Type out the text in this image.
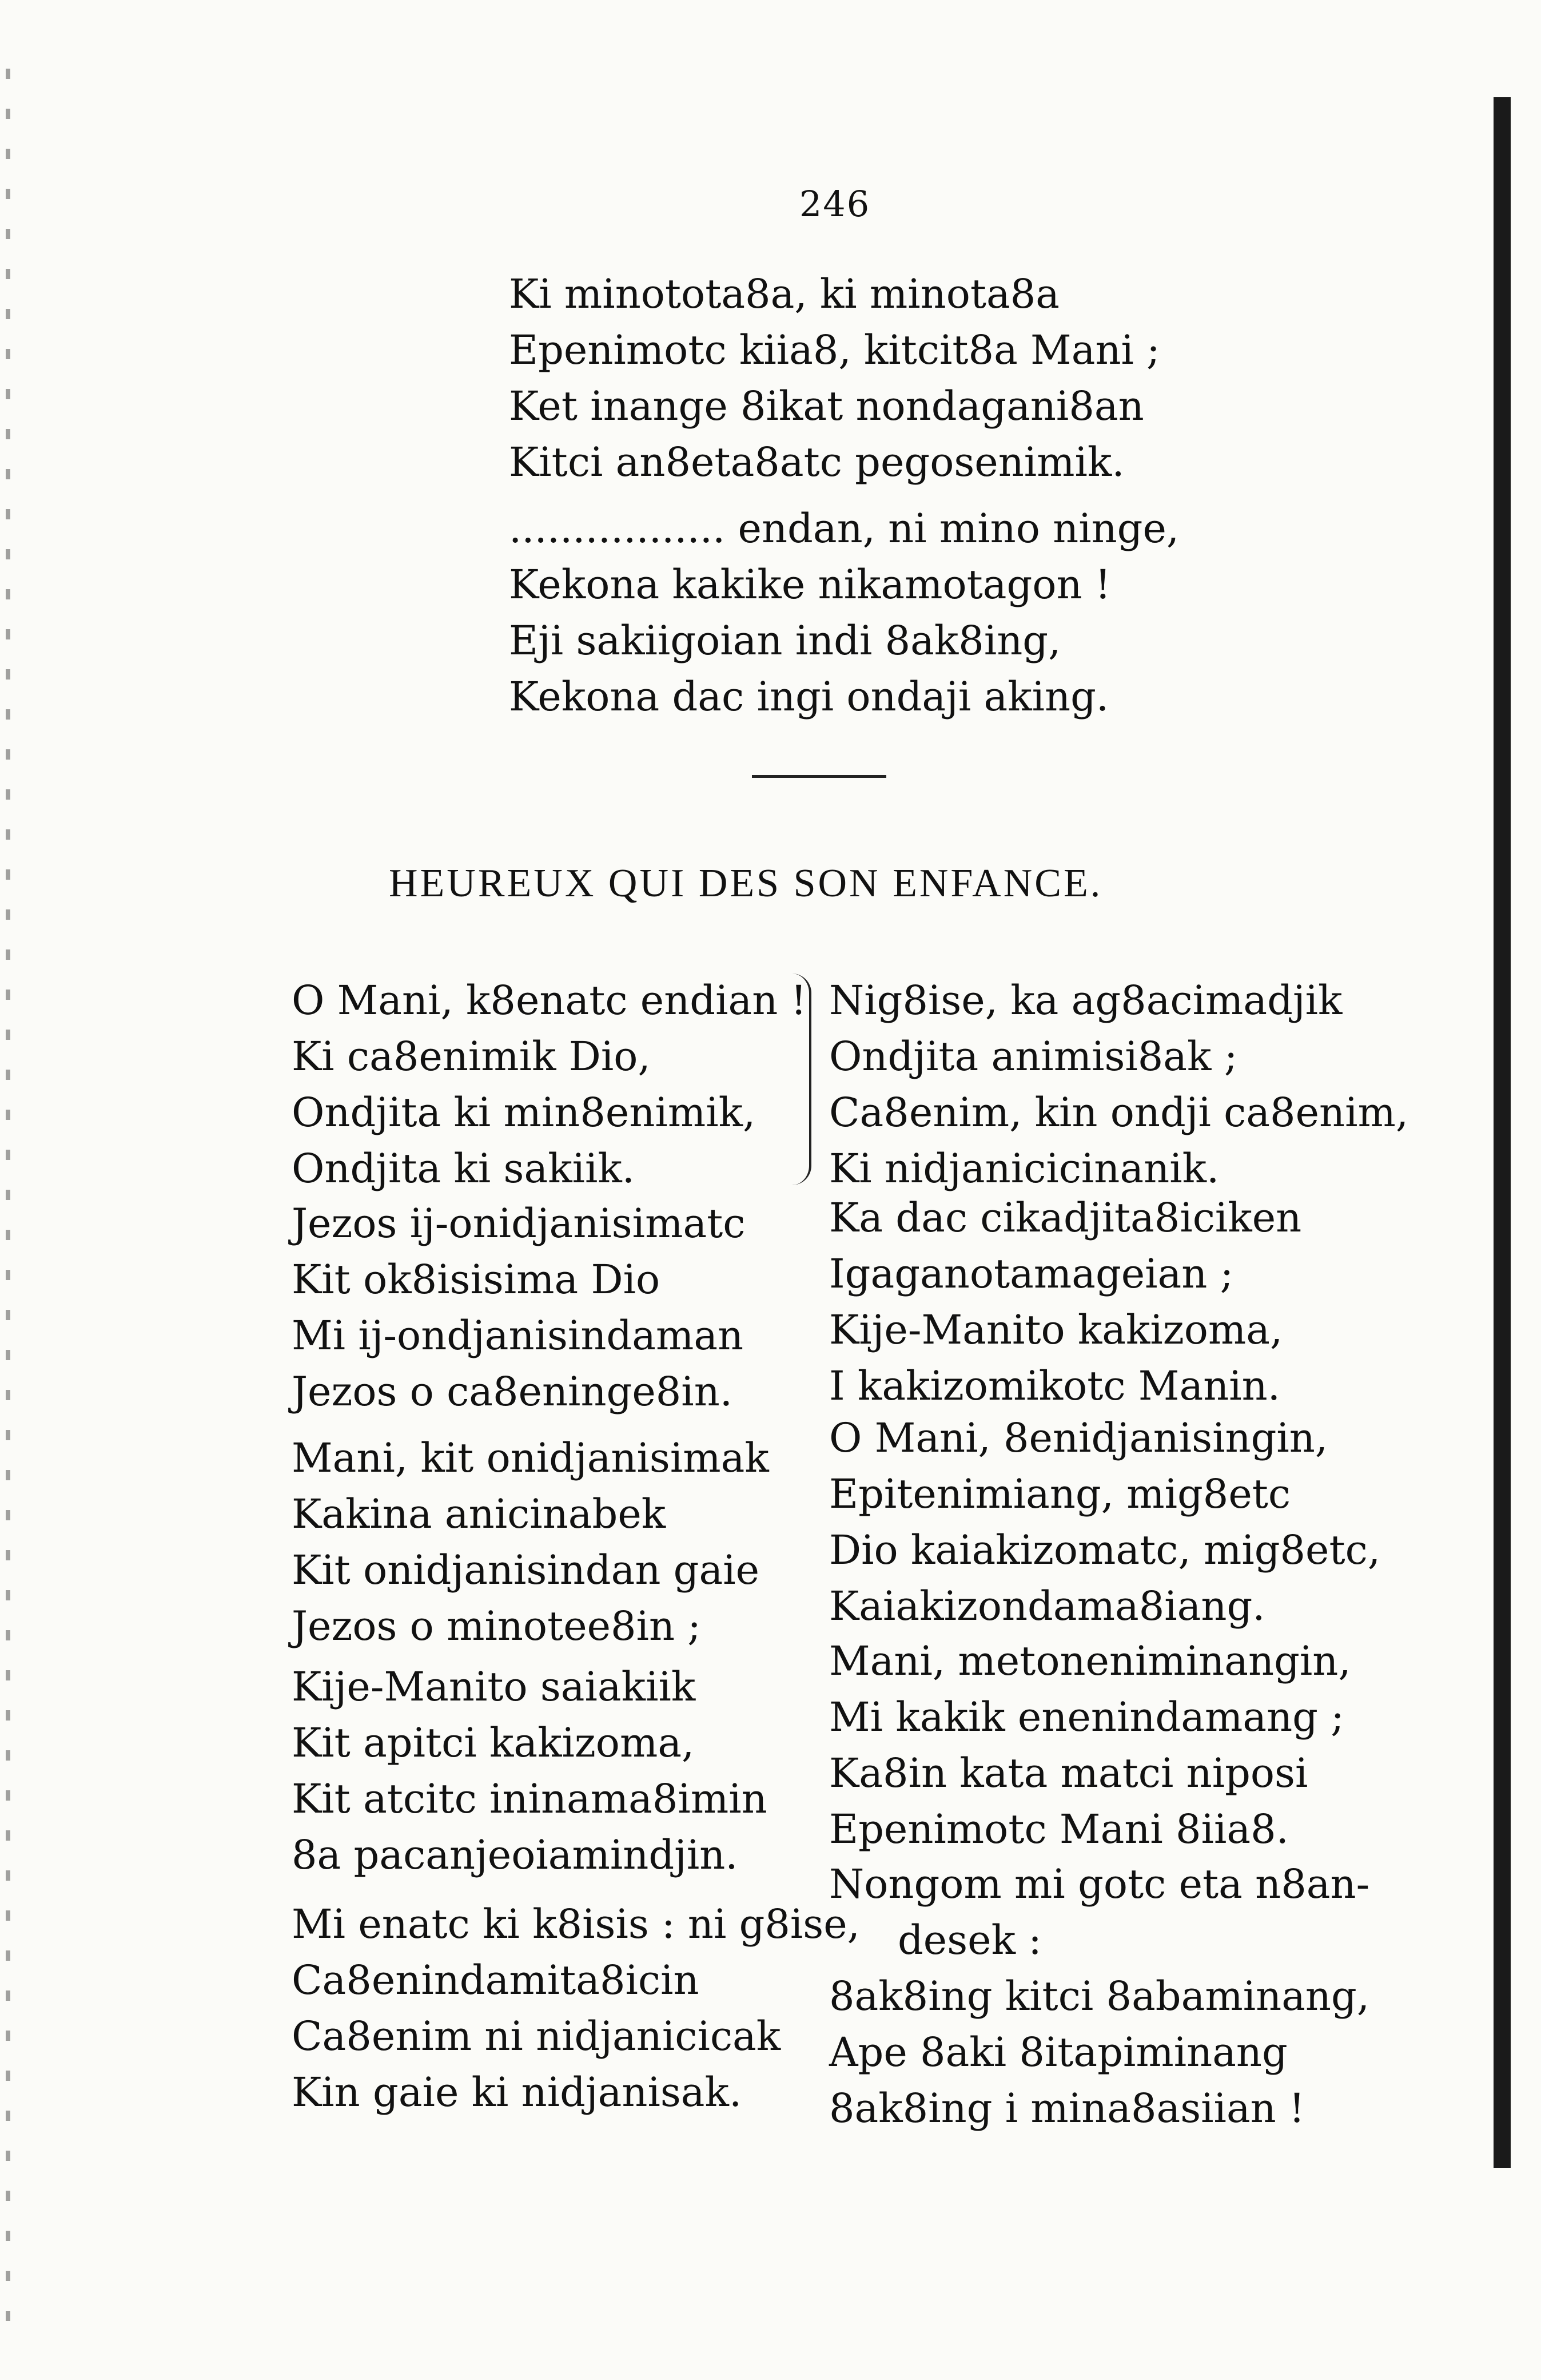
246
Ki minotota8a, ki minota8a
Epenimotc kiia8, kitcit8a Mani ;
Ket inange 8ikat nondagani8an
Kitci an8eta8atc pegosenimik.
................. endan, ni mino ninge,
Kekona kakike nikamotagon !
Eji sakiigoian indi 8ak8ing,
Kekona dac ingi ondaji aking.
HEUREUX QUI DES SON ENFANCE.
O Mani, k8enatc endian !
Ki ca8enimik Dio,
Ondjita ki min8enimik,
Ondjita ki sakiik.
Jezos ij-onidjanisimatc
Kit ok8isisima Dio
Mi ij-ondjanisindaman
Jezos o ca8eninge8in.
Mani, kit onidjanisimak
Kakina anicinabek
Kit onidjanisindan gaie
Jezos o minotee8in ;
Kije-Manito saiakiik
Kit apitci kakizoma,
Kit atcitc ininama8imin
8a pacanjeoiamindjin.
Mi enatc ki k8isis : ni g8ise,
Ca8enindamita8icin
Ca8enim ni nidjanicicak
Kin gaie ki nidjanisak.
Nig8ise, ka ag8acimadjik
Ondjita animisi8ak ;
Ca8enim, kin ondji ca8enim,
Ki nidjanicicinanik.
Ka dac cikadjita8iciken
Igaganotamageian ;
Kije-Manito kakizoma,
I kakizomikotc Manin.
O Mani, 8enidjanisingin,
Epitenimiang, mig8etc
Dio kaiakizomatc, mig8etc,
Kaiakizondama8iang.
Mani, metoneniminangin,
Mi kakik enenindamang ;
Ka8in kata matci niposi
Epenimotc Mani 8iia8.
Nongom mi gotc eta n8an-
desek :
8ak8ing kitci 8abaminang,
Ape 8aki 8itapiminang
8ak8ing i mina8asiian !
